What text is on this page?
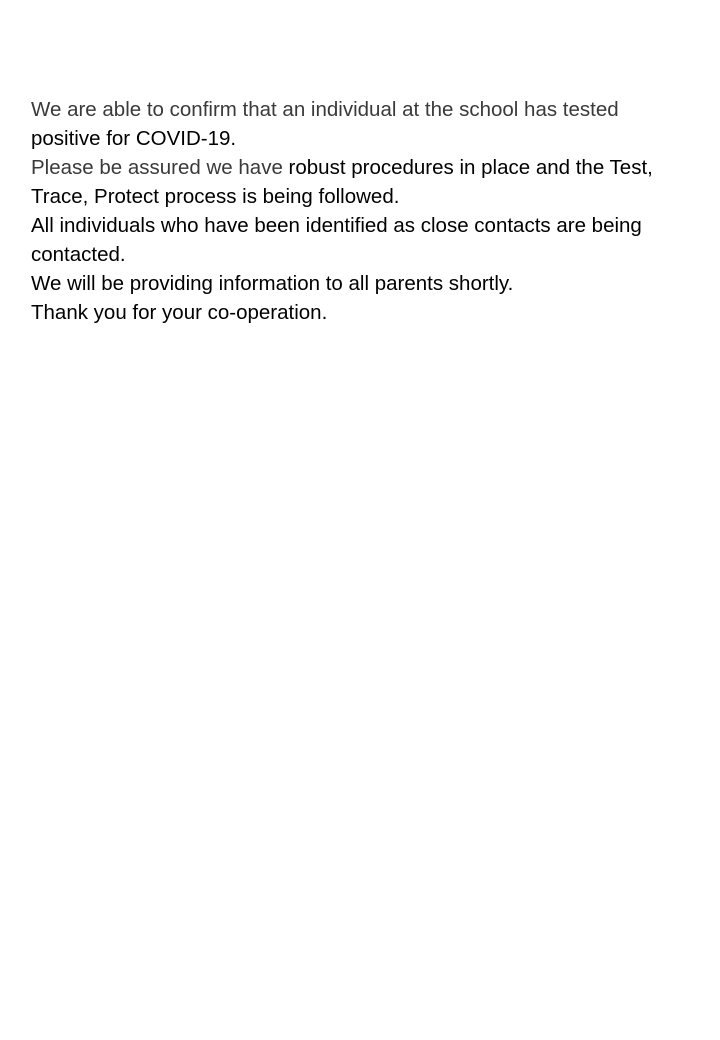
We are able to confirm that an individual at the school has tested positive for COVID-19.

Please be assured we have robust procedures in place and the Test, Trace, Protect process is being followed.

All individuals who have been identified as close contacts are being contacted.

We will be providing information to all parents shortly.

Thank you for your co-operation.
